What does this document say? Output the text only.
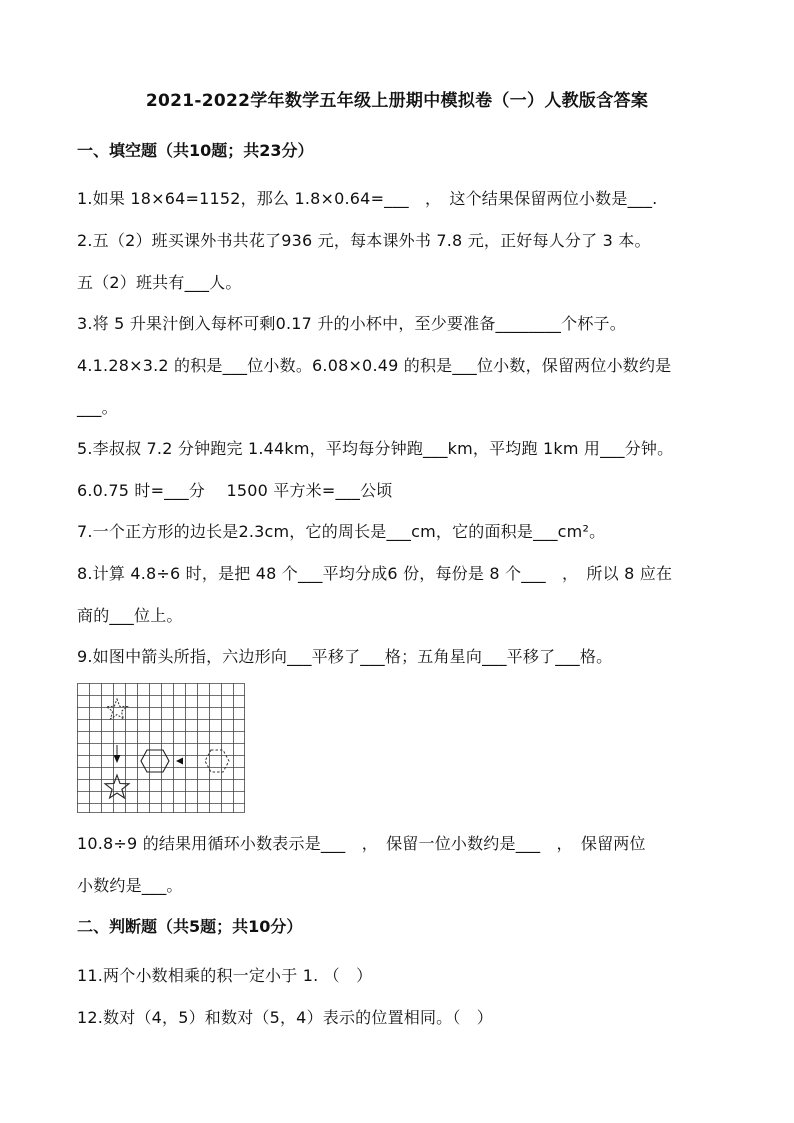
2021-2022学年数学五年级上册期中模拟卷（一）人教版含答案
一、填空题（共10题；共23分）
1.如果 18×64=1152，那么 1.8×0.64=___　，　这个结果保留两位小数是___.
2.五（2）班买课外书共花了936 元，每本课外书 7.8 元，正好每人分了 3 本。
五（2）班共有___人。
3.将 5 升果汁倒入每杯可剩0.17 升的小杯中，至少要准备________个杯子。
4.1.28×3.2 的积是___位小数。6.08×0.49 的积是___位小数，保留两位小数约是
___。
5.李叔叔 7.2 分钟跑完 1.44km，平均每分钟跑___km，平均跑 1km 用___分钟。
6.0.75 时=___分　 1500 平方米=___公顷
7.一个正方形的边长是2.3cm，它的周长是___cm，它的面积是___cm²。
8.计算 4.8÷6 时，是把 48 个___平均分成6 份，每份是 8 个___　，　所以 8 应在
商的___位上。
9.如图中箭头所指，六边形向___平移了___格；五角星向___平移了___格。
10.8÷9 的结果用循环小数表示是___　，　保留一位小数约是___　，　保留两位
小数约是___。
二、判断题（共5题；共10分）
11.两个小数相乘的积一定小于 1. （　）
12.数对（4，5）和数对（5，4）表示的位置相同。（　）
